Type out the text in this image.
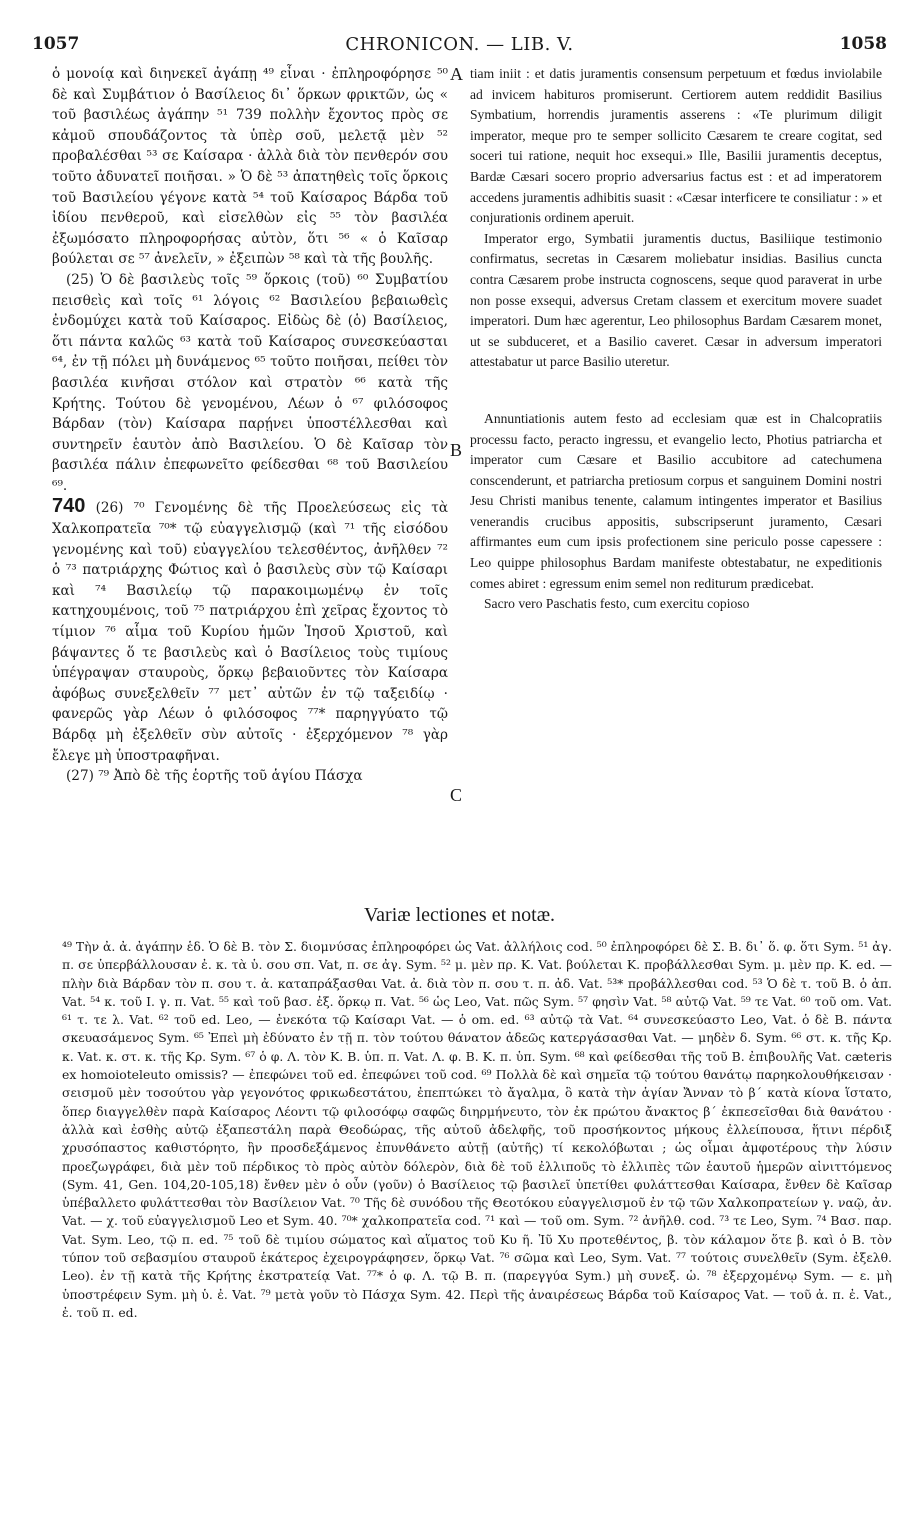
1057	CHRONICON. — LIB. V.	1058

ὁ μονοίᾳ καὶ διηνεκεῖ ἀγάπῃ ⁴⁹ εἶναι · ἐπληροφόρησε ⁵⁰ δὲ καὶ Συμβάτιον ὁ Βασίλειος δι᾽ ὅρκων φρικτῶν, ὡς « τοῦ βασιλέως ἀγάπην ⁵¹ 739 πολλὴν ἔχοντος πρὸς σε κἀμοῦ σπουδάζοντος τὰ ὑπὲρ σοῦ, μελετᾷ μὲν ⁵² προβαλέσθαι ⁵³ σε Καίσαρα · ἀλλὰ διὰ τὸν πενθερόν σου τοῦτο ἀδυνατεῖ ποιῆσαι. » Ὁ δὲ ⁵³ ἀπατηθεὶς τοῖς ὅρκοις τοῦ Βασιλείου γέγονε κατὰ ⁵⁴ τοῦ Καίσαρος Βάρδα τοῦ ἰδίου πενθεροῦ, καὶ εἰσελθὼν εἰς ⁵⁵ τὸν βασιλέα ἐξωμόσατο πληροφορήσας αὐτὸν, ὅτι ⁵⁶ « ὁ Καῖσαρ βούλεται σε ⁵⁷ ἀνελεῖν, » ἐξειπὼν ⁵⁸ καὶ τὰ τῆς βουλῆς.

(25) Ὁ δὲ βασιλεὺς τοῖς ⁵⁹ ὅρκοις (τοῦ) ⁶⁰ Συμβατίου πεισθεὶς καὶ τοῖς ⁶¹ λόγοις ⁶² Βασιλείου βεβαιωθεὶς ἐνδομύχει κατὰ τοῦ Καίσαρος. Εἰδὼς δὲ (ὁ) Βασίλειος, ὅτι πάντα καλῶς ⁶³ κατὰ τοῦ Καίσαρος συνεσκεύασται ⁶⁴, ἐν τῇ πόλει μὴ δυνάμενος ⁶⁵ τοῦτο ποιῆσαι, πείθει τὸν βασιλέα κινῆσαι στόλον καὶ στρατὸν ⁶⁶ κατὰ τῆς Κρήτης. Τούτου δὲ γενομένου, Λέων ὁ ⁶⁷ φιλόσοφος Βάρδαν (τὸν) Καίσαρα παρῄνει ὑποστέλλεσθαι καὶ συντηρεῖν ἑαυτὸν ἀπὸ Βασιλείου. Ὁ δὲ Καῖσαρ τὸν βασιλέα πάλιν ἐπεφωνεῖτο φείδεσθαι ⁶⁸ τοῦ Βασιλείου ⁶⁹.

740 (26) ⁷⁰ Γενομένης δὲ τῆς Προελεύσεως εἰς τὰ Χαλκοπρατεῖα ⁷⁰* τῷ εὐαγγελισμῷ (καὶ ⁷¹ τῆς εἰσόδου γενομένης καὶ τοῦ) εὐαγγελίου τελεσθέντος, ἀνῆλθεν ⁷² ὁ ⁷³ πατριάρχης Φώτιος καὶ ὁ βασιλεὺς σὺν τῷ Καίσαρι καὶ ⁷⁴ Βασιλείῳ τῷ παρακοιμωμένῳ ἐν τοῖς κατηχουμένοις, τοῦ ⁷⁵ πατριάρχου ἐπὶ χεῖρας ἔχοντος τὸ τίμιον ⁷⁶ αἷμα τοῦ Κυρίου ἡμῶν Ἰησοῦ Χριστοῦ, καὶ βάψαντες ὅ τε βασιλεὺς καὶ ὁ Βασίλειος τοὺς τιμίους ὑπέγραψαν σταυροὺς, ὅρκῳ βεβαιοῦντες τὸν Καίσαρα ἀφόβως συνεξελθεῖν ⁷⁷ μετ᾽ αὐτῶν ἐν τῷ ταξειδίῳ · φανερῶς γὰρ Λέων ὁ φιλόσοφος ⁷⁷* παρηγγύατο τῷ Βάρδᾳ μὴ ἐξελθεῖν σὺν αὐτοῖς · ἐξερχόμενον ⁷⁸ γὰρ ἔλεγε μὴ ὑποστραφῆναι.

(27) ⁷⁹ Ἀπὸ δὲ τῆς ἑορτῆς τοῦ ἁγίου Πάσχα

A
B
C

tiam iniit : et datis juramentis consensum perpetuum et fœdus inviolabile ad invicem habituros promiserunt. Certiorem autem reddidit Basilius Symbatium, horrendis juramentis asserens : «Te plurimum diligit imperator, meque pro te semper sollicito Cæsarem te creare cogitat, sed soceri tui ratione, nequit hoc exsequi.» Ille, Basilii juramentis deceptus, Bardæ Cæsari socero proprio adversarius factus est : et ad imperatorem accedens juramentis adhibitis suasit : «Cæsar interficere te consiliatur : » et conjurationis ordinem aperuit.

Imperator ergo, Symbatii juramentis ductus, Basiliique testimonio confirmatus, secretas in Cæsarem moliebatur insidias. Basilius cuncta contra Cæsarem probe instructa cognoscens, seque quod paraverat in urbe non posse exsequi, adversus Cretam classem et exercitum movere suadet imperatori. Dum hæc agerentur, Leo philosophus Bardam Cæsarem monet, ut se subduceret, et a Basilio caveret. Cæsar in adversum imperatori attestabatur ut parce Basilio uteretur.

Annuntiationis autem festo ad ecclesiam quæ est in Chalcopratiis processu facto, peracto ingressu, et evangelio lecto, Photius patriarcha et imperator cum Cæsare et Basilio accubitore ad catechumena conscenderunt, et patriarcha pretiosum corpus et sanguinem Domini nostri Jesu Christi manibus tenente, calamum intingentes imperator et Basilius venerandis crucibus appositis, subscripserunt juramento, Cæsari affirmantes eum cum ipsis profectionem sine periculo posse capessere : Leo quippe philosophus Bardam manifeste obtestabatur, ne expeditionis comes abiret : egressum enim semel non rediturum prædicebat.

Sacro vero Paschatis festo, cum exercitu copioso

Variæ lectiones et notæ.
⁴⁹ Τὴν ἀ. ἀ. ἀγάπην ἑδ. Ὁ δὲ Β. τὸν Σ. διομνύσας ἐπληροφόρει ὡς Vat. ἀλλήλοις cod. ⁵⁰ ἐπληροφόρει δὲ Σ. Β. δι᾽ ὅ. φ. ὅτι Sym. ⁵¹ ἀγ. π. σε ὑπερβάλλουσαν ἐ. κ. τὰ ὑ. σου σπ. Vat, π. σε ἀγ. Sym. ⁵² μ. μὲν πρ. Κ. Vat. βούλεται Κ. προβάλλεσθαι Sym. μ. μὲν πρ. Κ. ed. — πλὴν διὰ Βάρδαν τὸν π. σου τ. ἀ. καταπράξασθαι Vat. ἀ. διὰ τὸν π. σου τ. π. ἀδ. Vat. ⁵³* προβάλλεσθαι cod. ⁵³ Ὁ δὲ τ. τοῦ Β. ὁ ἀπ. Vat. ⁵⁴ κ. τοῦ Ι. γ. π. Vat. ⁵⁵ καὶ τοῦ βασ. ἐξ. ὅρκῳ π. Vat. ⁵⁶ ὡς Leo, Vat. πῶς Sym. ⁵⁷ φησὶν Vat. ⁵⁸ αὐτῷ Vat. ⁵⁹ τε Vat. ⁶⁰ τοῦ om. Vat. ⁶¹ τ. τε λ. Vat. ⁶² τοῦ ed. Leo, — ἐνεκότα τῷ Καίσαρι Vat. — ὁ om. ed. ⁶³ αὐτῷ τὰ Vat. ⁶⁴ συνεσκεύαστο Leo, Vat. ὁ δὲ Β. πάντα σκευασάμενος Sym. ⁶⁵ Ἐπεὶ μὴ ἐδύνατο ἐν τῇ π. τὸν τούτου θάνατον ἀδεῶς κατεργάσασθαι Vat. — μηδὲν δ. Sym. ⁶⁶ στ. κ. τῆς Κρ. κ. Vat. κ. στ. κ. τῆς Κρ. Sym. ⁶⁷ ὁ φ. Λ. τὸν Κ. Β. ὑπ. π. Vat. Λ. φ. Β. Κ. π. ὑπ. Sym. ⁶⁸ καὶ φείδεσθαι τῆς τοῦ Β. ἐπιβουλῆς Vat. cæteris ex homoioteleuto omissis? — ἐπεφώνει τοῦ ed. ἐπεφώνει τοῦ cod. ⁶⁹ Πολλὰ δὲ καὶ σημεῖα τῷ τούτου θανάτῳ παρηκολουθήκεισαν · σεισμοῦ μὲν τοσούτου γὰρ γεγονότος φρικωδεστάτου, ἐπεπτώκει τὸ ἄγαλμα, ὃ κατὰ τὴν ἁγίαν Ἄνναν τὸ β´ κατὰ κίονα ἵστατο, ὅπερ διαγγελθὲν παρὰ Καίσαρος Λέοντι τῷ φιλοσόφῳ σαφῶς διηρμήνευτο, τὸν ἐκ πρώτου ἄνακτος β´ ἐκπεσεῖσθαι διὰ θανάτου · ἀλλὰ καὶ ἐσθὴς αὐτῷ ἐξαπεστάλη παρὰ Θεοδώρας, τῆς αὐτοῦ ἀδελφῆς, τοῦ προσήκοντος μήκους ἐλλείπουσα, ἥτινι πέρδιξ χρυσόπαστος καθιστόρητο, ἣν προσδεξάμενος ἐπυνθάνετο αὐτῇ (αὐτῆς) τί κεκολόβωται ; ὡς οἶμαι ἀμφοτέρους τὴν λύσιν προεζωγράφει, διὰ μὲν τοῦ πέρδικος τὸ πρὸς αὐτὸν δόλερὸν, διὰ δὲ τοῦ ἐλλιποῦς τὸ ἐλλιπὲς τῶν ἑαυτοῦ ἡμερῶν αἰνιττόμενος (Sym. 41, Gen. 104,20-105,18) ἔνθεν μὲν ὁ οὖν (γοῦν) ὁ Βασίλειος τῷ βασιλεῖ ὑπετίθει φυλάττεσθαι Καίσαρα, ἔνθεν δὲ Καῖσαρ ὑπέβαλλετο φυλάττεσθαι τὸν Βασίλειον Vat. ⁷⁰ Τῆς δὲ συνόδου τῆς Θεοτόκου εὐαγγελισμοῦ ἐν τῷ τῶν Χαλκοπρατείων γ. ναῷ, ἀν. Vat. — χ. τοῦ εὐαγγελισμοῦ Leo et Sym. 40. ⁷⁰* χαλκοπρατεῖα cod. ⁷¹ καὶ — τοῦ om. Sym. ⁷² ἀνῆλθ. cod. ⁷³ τε Leo, Sym. ⁷⁴ Βασ. παρ. Vat. Sym. Leo, τῷ π. ed. ⁷⁵ τοῦ δὲ τιμίου σώματος καὶ αἵματος τοῦ Κυ ῆ. Ἰῦ Χυ προτεθέντος, β. τὸν κάλαμον ὅτε β. καὶ ὁ Β. τὸν τύπον τοῦ σεβασμίου σταυροῦ ἑκάτερος ἐχειρογράφησεν, ὅρκῳ Vat. ⁷⁶ σῶμα καὶ Leo, Sym. Vat. ⁷⁷ τούτοις συνελθεῖν (Sym. ἐξελθ. Leo). ἐν τῇ κατὰ τῆς Κρήτης ἐκστρατείᾳ Vat. ⁷⁷* ὁ φ. Λ. τῷ Β. π. (παρεγγύα Sym.) μὴ συνεξ. ὡ. ⁷⁸ ἐξερχομένῳ Sym. — ε. μὴ ὑποστρέφειν Sym. μὴ ὑ. ἐ. Vat. ⁷⁹ μετὰ γοῦν τὸ Πάσχα Sym. 42. Περὶ τῆς ἀναιρέσεως Βάρδα τοῦ Καίσαρος Vat. — τοῦ ἀ. π. ἐ. Vat., ἐ. τοῦ π. ed.
